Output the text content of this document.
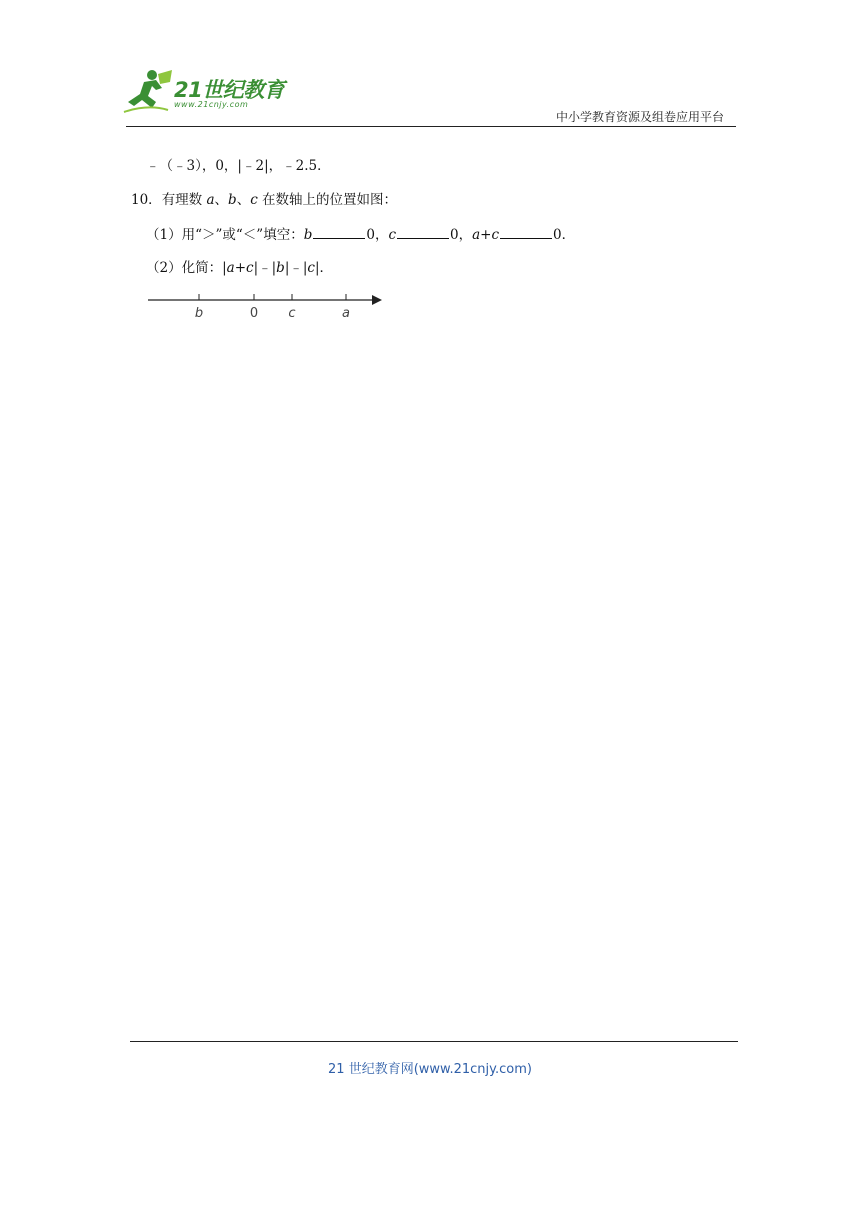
21世纪教育
www.21cnjy.com
中小学教育资源及组卷应用平台
﹣（﹣3），0，|﹣2|，﹣2.5．
10．有理数 a、b、c 在数轴上的位置如图：
（1）用“＞”或“＜”填空：b	0，c	0，a+c	0．
（2）化简：|a+c|﹣|b|﹣|c|．
b	0 c	a
21 世纪教育网(www.21cnjy.com)
